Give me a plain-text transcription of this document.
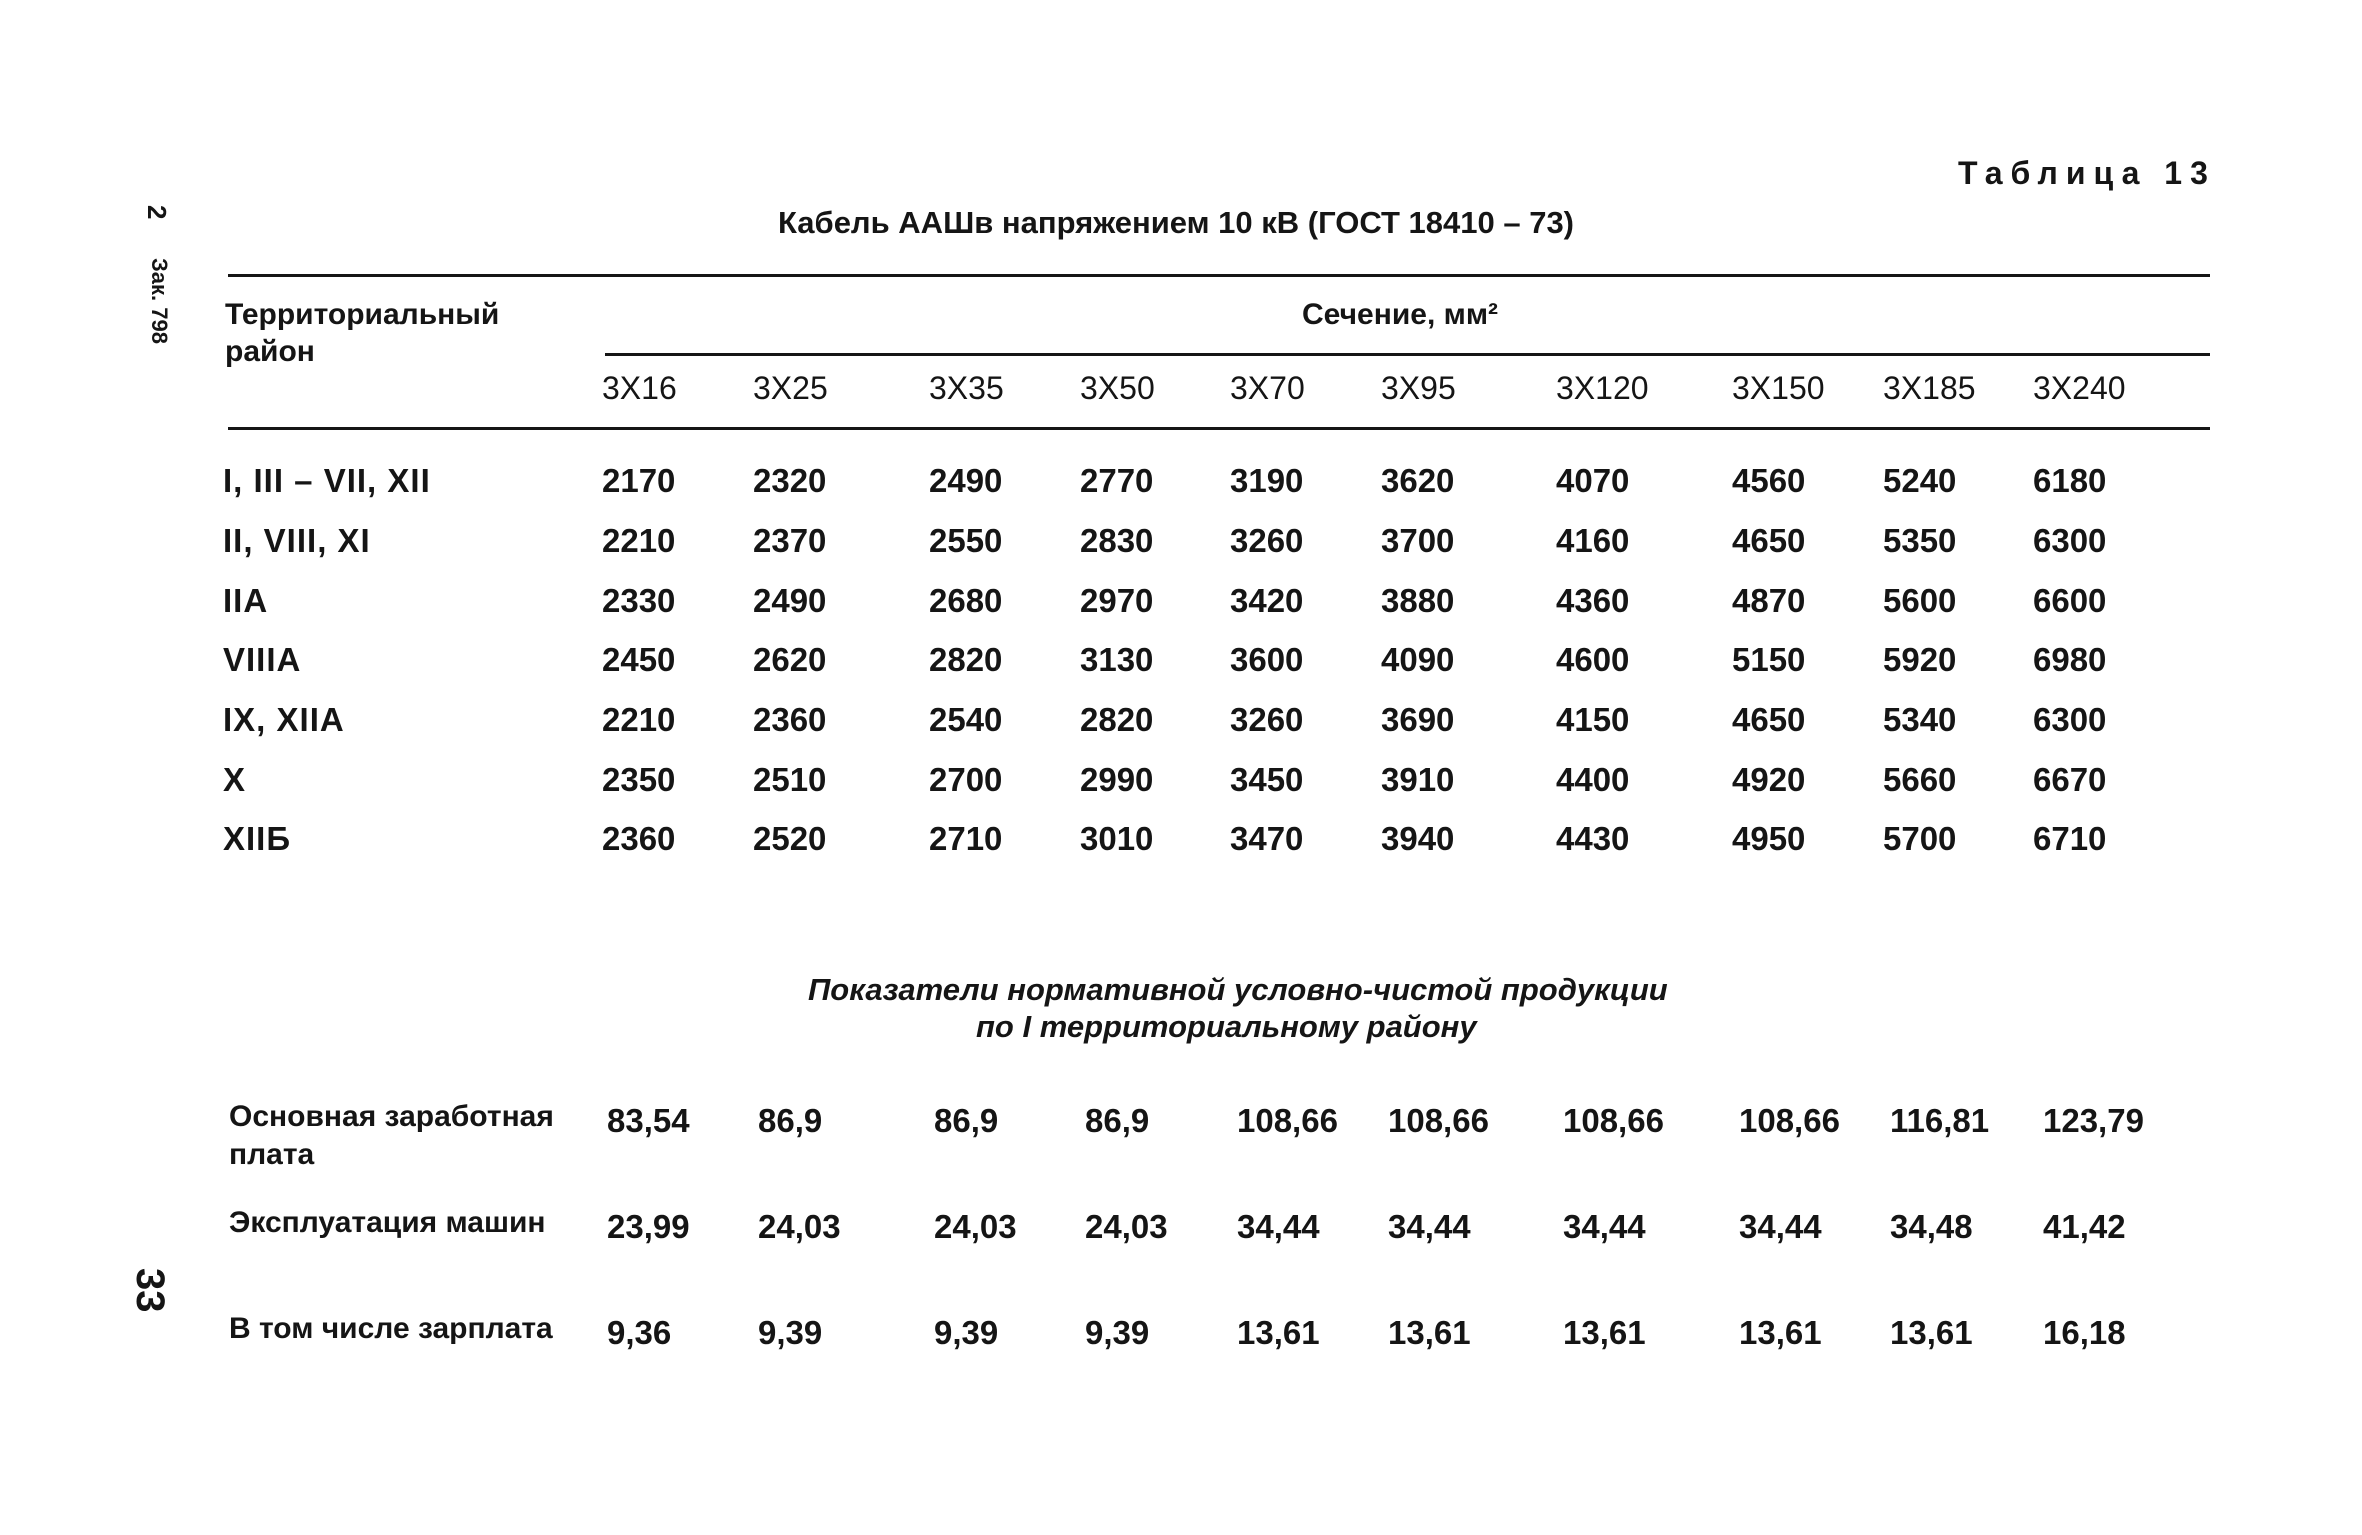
2
Зак. 798
33
Таблица 13
Кабель ААШв напряжением 10 кВ (ГОСТ 18410 – 73)
Территориальный район
Сечение, мм²
3Х16 3Х25	3Х35 3Х50 3Х70 3Х95	3Х120	3Х150 3Х185 3Х240
I, III – VII, XII	2170 2320	2490 2770 3190 3620	4070	4560 5240 6180
II, VIII, XI	2210 2370	2550 2830 3260 3700	4160	4650 5350 6300
IIA	2330 2490	2680 2970 3420 3880	4360	4870 5600 6600
VIIIA	2450 2620	2820 3130 3600 4090	4600	5150 5920 6980
IX, XIIA	2210 2360	2540 2820 3260 3690	4150	4650 5340 6300
X	2350 2510	2700 2990 3450 3910	4400	4920 5660 6670
XIIБ	2360 2520	2710 3010 3470 3940	4430	4950 5700 6710
Показатели нормативной условно-чистой продукции
по I территориальному району
Основная заработная
плата
83,54 86,9	86,9	86,9	108,66 108,66 108,66 108,66 116,81 123,79
Эксплуатация машин 23,99 24,03	24,03 24,03 34,44 34,44	34,44	34,44 34,48 41,42
В том числе зарплата 9,36	9,39	9,39	9,39	13,61 13,61	13,61	13,61 13,61 16,18
